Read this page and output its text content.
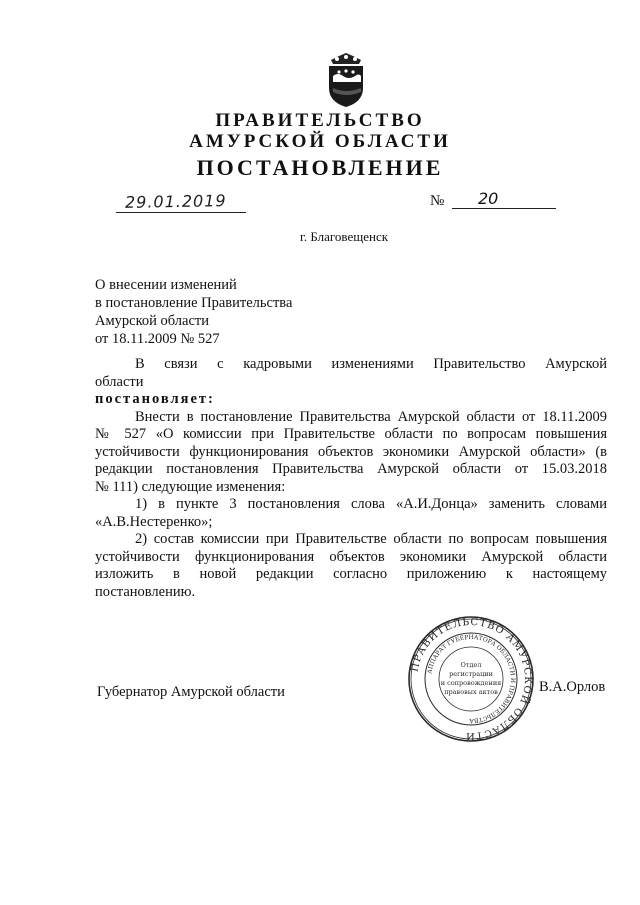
ПРАВИТЕЛЬСТВО
АМУРСКОЙ ОБЛАСТИ
ПОСТАНОВЛЕНИЕ
29.01.2019	№ 20
г. Благовещенск
О внесении изменений
в постановление Правительства
Амурской области
от 18.11.2009 № 527
В связи с кадровыми изменениями Правительство Амурской
области
постановляет:
Внести в постановление Правительства Амурской области от 18.11.2009
№ 527 «О комиссии при Правительстве области по вопросам повышения
устойчивости функционирования объектов экономики Амурской области» (в
редакции постановления Правительства Амурской области от 15.03.2018
№ 111) следующие изменения:
1) в пункте 3 постановления слова «А.И.Донца» заменить словами
«А.В.Нестеренко»;
2) состав комиссии при Правительстве области по вопросам повышения
устойчивости функционирования объектов экономики Амурской области
изложить в новой редакции согласно приложению к настоящему
постановлению.
Губернатор Амурской области	В.А.Орлов
ПРАВИТЕЛЬСТВО АМУРСКОЙ ОБЛАСТИ
АППАРАТ ГУБЕРНАТОРА ОБЛАСТИ И ПРАВИТЕЛЬСТВА
Отдел
регистрации
и сопровождения
правовых актов
